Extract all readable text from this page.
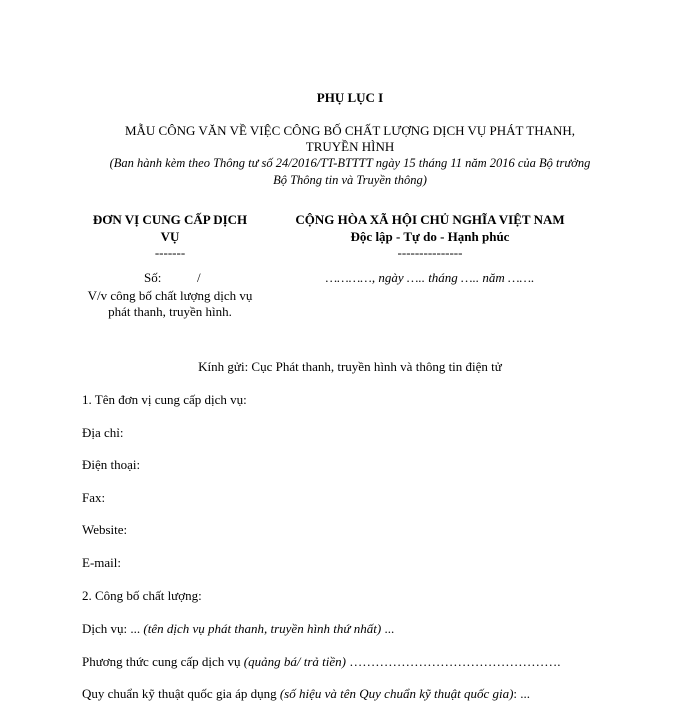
PHỤ LỤC I
MẪU CÔNG VĂN VỀ VIỆC CÔNG BỐ CHẤT LƯỢNG DỊCH VỤ PHÁT THANH,
TRUYỀN HÌNH
(Ban hành kèm theo Thông tư số 24/2016/TT-BTTTT ngày 15 tháng 11 năm 2016 của Bộ trưởng
Bộ Thông tin và Truyền thông)
ĐƠN VỊ CUNG CẤP DỊCH
VỤ
-------
Số:	/
V/v công bố chất lượng dịch vụ
phát thanh, truyền hình.
CỘNG HÒA XÃ HỘI CHỦ NGHĨA VIỆT NAM
Độc lập - Tự do - Hạnh phúc
---------------
…………, ngày ….. tháng ….. năm …….
Kính gửi: Cục Phát thanh, truyền hình và thông tin điện tử
1. Tên đơn vị cung cấp dịch vụ:
Địa chỉ:
Điện thoại:
Fax:
Website:
E-mail:
2. Công bố chất lượng:
Dịch vụ: ... (tên dịch vụ phát thanh, truyền hình thứ nhất) ...
Phương thức cung cấp dịch vụ (quảng bá/ trả tiền) ………………………………………….
Quy chuẩn kỹ thuật quốc gia áp dụng (số hiệu và tên Quy chuẩn kỹ thuật quốc gia): ...
